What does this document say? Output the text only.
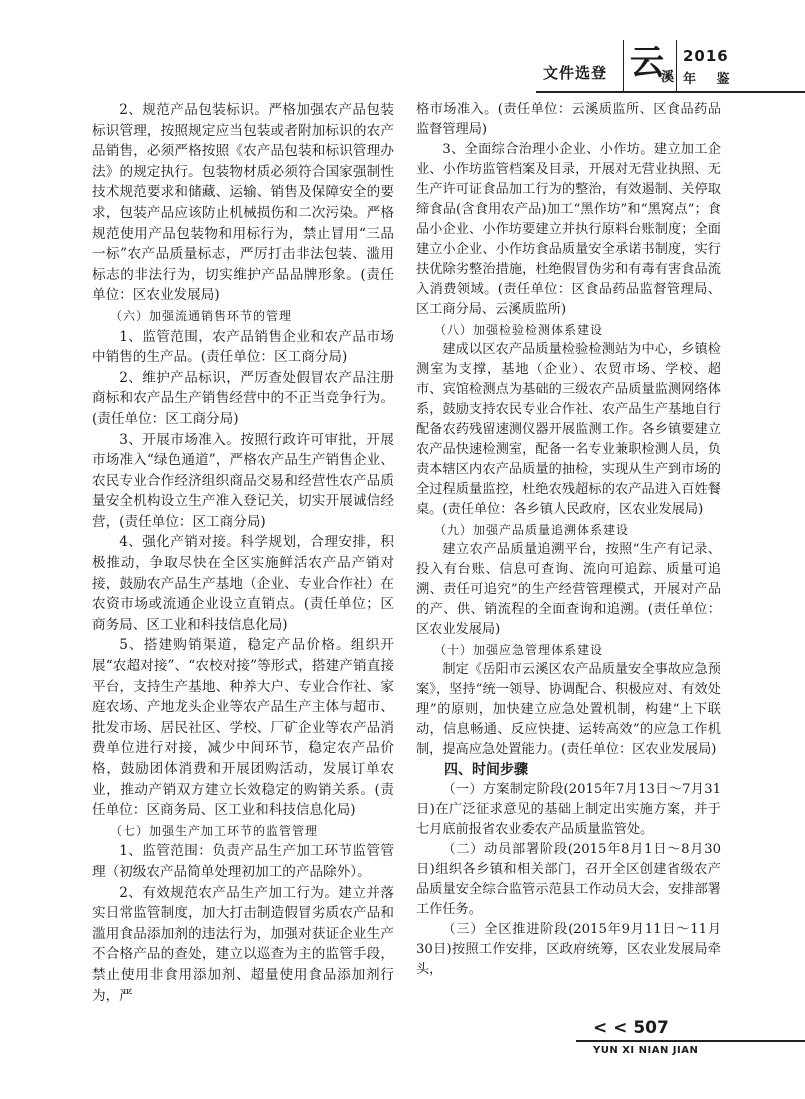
文件选登 云
溪
2016
年 鉴

2、规范产品包装标识。严格加强农产品包装标识管理，按照规定应当包装或者附加标识的农产品销售，必须严格按照《农产品包装和标识管理办法》的规定执行。包装物材质必须符合国家强制性技术规范要求和储藏、运输、销售及保障安全的要求，包装产品应该防止机械损伤和二次污染。严格规范使用产品包装物和用标行为，禁止冒用“三品一标”农产品质量标志，严厉打击非法包装、滥用标志的非法行为，切实维护产品品牌形象。(责任单位：区农业发展局)

（六）加强流通销售环节的管理

1、监管范围，农产品销售企业和农产品市场中销售的生产品。(责任单位：区工商分局)

2、维护产品标识，严厉查处假冒农产品注册商标和农产品生产销售经营中的不正当竞争行为。(责任单位：区工商分局)

3、开展市场准入。按照行政许可审批，开展市场准入“绿色通道”，严格农产品生产销售企业、农民专业合作经济组织商品交易和经营性农产品质量安全机构设立生产准入登记关，切实开展诚信经营，(责任单位：区工商分局)

4、强化产销对接。科学规划，合理安排，积极推动，争取尽快在全区实施鲜活农产品产销对接，鼓励农产品生产基地（企业、专业合作社）在农资市场或流通企业设立直销点。(责任单位；区商务局、区工业和科技信息化局)

5、搭建购销渠道，稳定产品价格。组织开展“农超对接”、“农校对接”等形式，搭建产销直接平台，支持生产基地、种养大户、专业合作社、家庭农场、产地龙头企业等农产品生产主体与超市、批发市场、居民社区、学校、厂矿企业等农产品消费单位进行对接，减少中间环节，稳定农产品价格，鼓励团体消费和开展团购活动，发展订单农业，推动产销双方建立长效稳定的购销关系。(责任单位：区商务局、区工业和科技信息化局)

（七）加强生产加工环节的监管管理

1、监管范围：负责产品生产加工环节监管管理（初级农产品简单处理初加工的产品除外）。

2、有效规范农产品生产加工行为。建立并落实日常监管制度，加大打击制造假冒劣质农产品和滥用食品添加剂的违法行为，加强对获证企业生产不合格产品的查处，建立以巡查为主的监管手段，禁止使用非食用添加剂、超量使用食品添加剂行为，严

格市场准入。(责任单位：云溪质监所、区食品药品监督管理局)

3、全面综合治理小企业、小作坊。建立加工企业、小作坊监管档案及目录，开展对无营业执照、无生产许可证食品加工行为的整治，有效遏制、关停取缔食品(含食用农产品)加工“黑作坊”和“黑窝点”；食品小企业、小作坊要建立并执行原料台账制度；全面建立小企业、小作坊食品质量安全承诺书制度，实行扶优除劣整治措施，杜绝假冒伪劣和有毒有害食品流入消费领域。(责任单位：区食品药品监督管理局、区工商分局、云溪质监所)

（八）加强检验检测体系建设

建成以区农产品质量检验检测站为中心，乡镇检测室为支撑，基地（企业）、农贸市场、学校、超市、宾馆检测点为基础的三级农产品质量监测网络体系，鼓励支持农民专业合作社、农产品生产基地自行配备农药残留速测仪器开展监测工作。各乡镇要建立农产品快速检测室，配备一名专业兼职检测人员，负责本辖区内农产品质量的抽检，实现从生产到市场的全过程质量监控，杜绝农残超标的农产品进入百姓餐桌。(责任单位：各乡镇人民政府，区农业发展局)

（九）加强产品质量追溯体系建设

建立农产品质量追溯平台，按照“生产有记录、投入有台账、信息可查询、流向可追踪、质量可追溯、责任可追究”的生产经营管理模式，开展对产品的产、供、销流程的全面查询和追溯。(责任单位：区农业发展局)

（十）加强应急管理体系建设

制定《岳阳市云溪区农产品质量安全事故应急预案》，坚持“统一领导、协调配合、积极应对、有效处理”的原则，加快建立应急处置机制，构建“上下联动，信息畅通、反应快捷、运转高效”的应急工作机制，提高应急处置能力。(责任单位：区农业发展局)

四、时间步骤

（一）方案制定阶段(2015年7月13日～7月31日)在广泛征求意见的基础上制定出实施方案，并于七月底前报省农业委农产品质量监管处。

（二）动员部署阶段(2015年8月1日～8月30日)组织各乡镇和相关部门，召开全区创建省级农产品质量安全综合监管示范县工作动员大会，安排部署工作任务。

（三）全区推进阶段(2015年9月11日～11月30日)按照工作安排，区政府统筹，区农业发展局牵头，

< < 507
YUN XI NIAN JIAN
